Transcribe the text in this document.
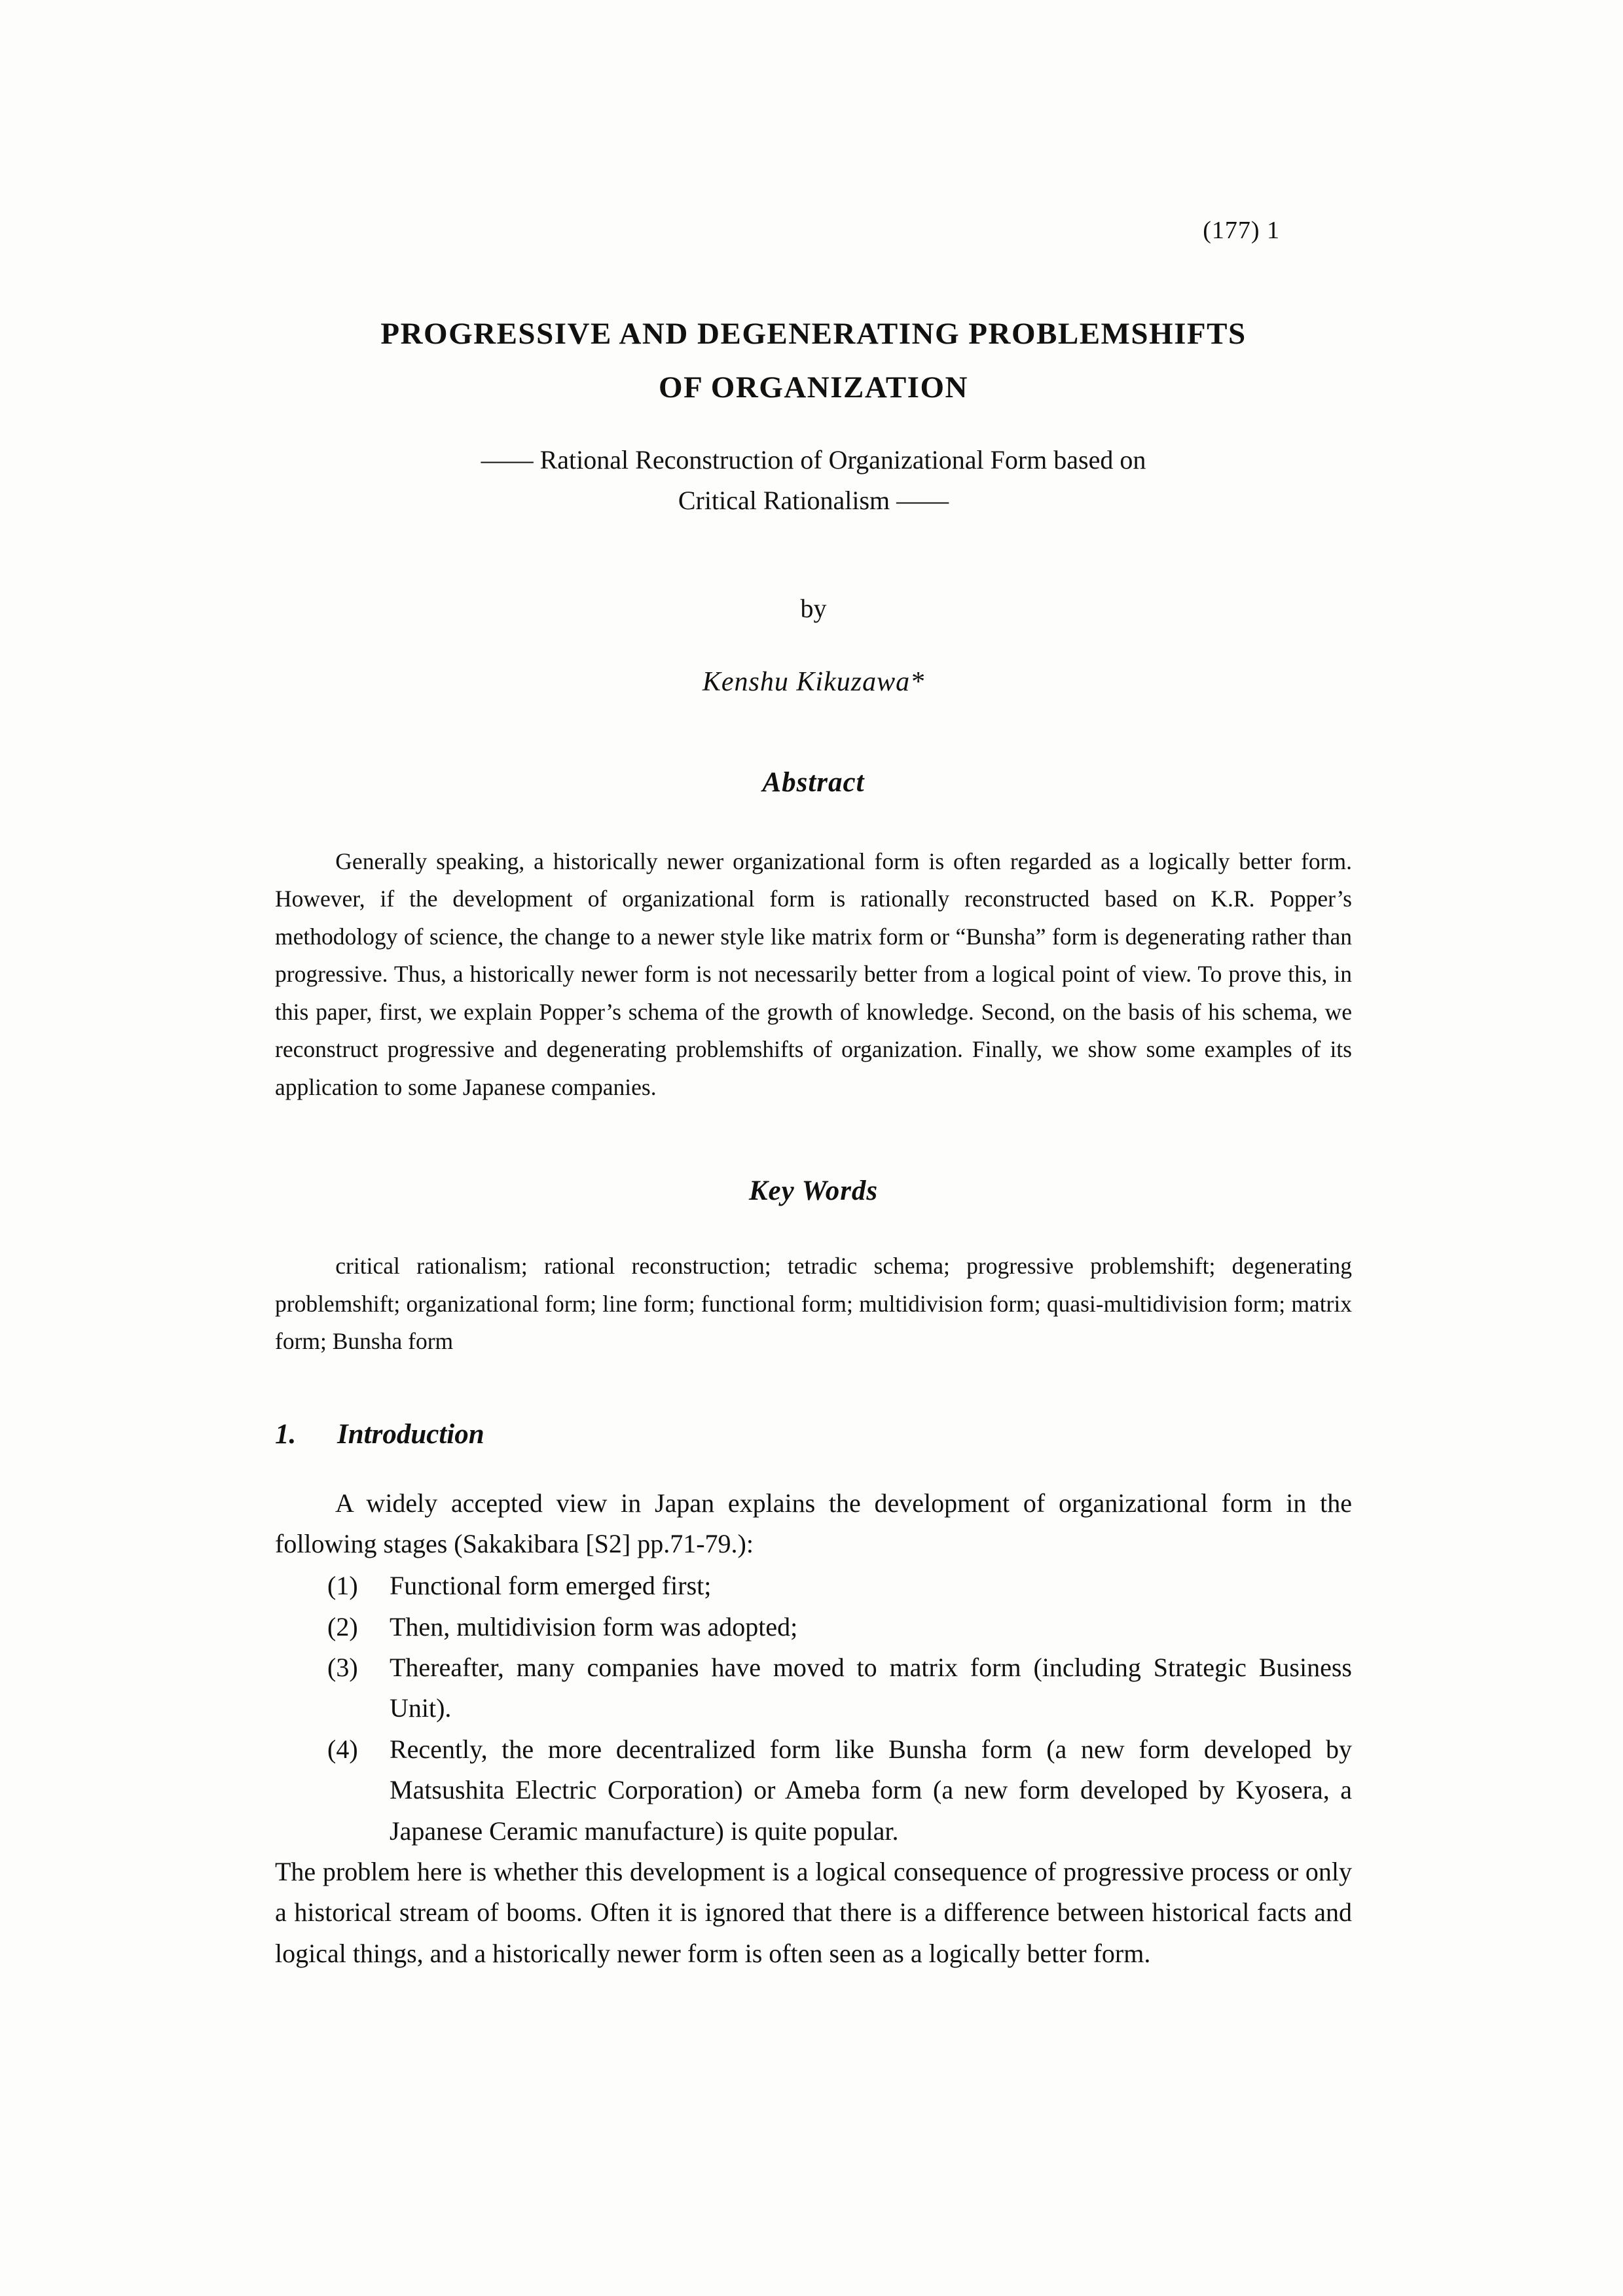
(177) 1
PROGRESSIVE AND DEGENERATING PROBLEMSHIFTS
OF ORGANIZATION
—— Rational Reconstruction of Organizational Form based on
Critical Rationalism ——
by
Kenshu Kikuzawa*
Abstract

Generally speaking, a historically newer organizational form is often regarded as a logically better form. However, if the development of organizational form is rationally reconstructed based on K.R. Popper’s methodology of science, the change to a newer style like matrix form or “Bunsha” form is degenerating rather than progressive. Thus, a historically newer form is not necessarily better from a logical point of view. To prove this, in this paper, first, we explain Popper’s schema of the growth of knowledge. Second, on the basis of his schema, we reconstruct progressive and degenerating problemshifts of organization. Finally, we show some examples of its application to some Japanese companies.

Key Words

critical rationalism; rational reconstruction; tetradic schema; progressive problemshift; degenerating problemshift; organizational form; line form; functional form; multidivision form; quasi-multidivision form; matrix form; Bunsha form

1.	Introduction

A widely accepted view in Japan explains the development of organizational form in the following stages (Sakakibara [S2] pp.71-79.):

(1)	Functional form emerged first;
(2)	Then, multidivision form was adopted;
(3)	Thereafter, many companies have moved to matrix form (including Strategic Business Unit).
(4)	Recently, the more decentralized form like Bunsha form (a new form developed by Matsushita Electric Corporation) or Ameba form (a new form developed by Kyosera, a Japanese Ceramic manufacture) is quite popular.

The problem here is whether this development is a logical consequence of progressive process or only a historical stream of booms. Often it is ignored that there is a difference between historical facts and logical things, and a historically newer form is often seen as a logically better form.
